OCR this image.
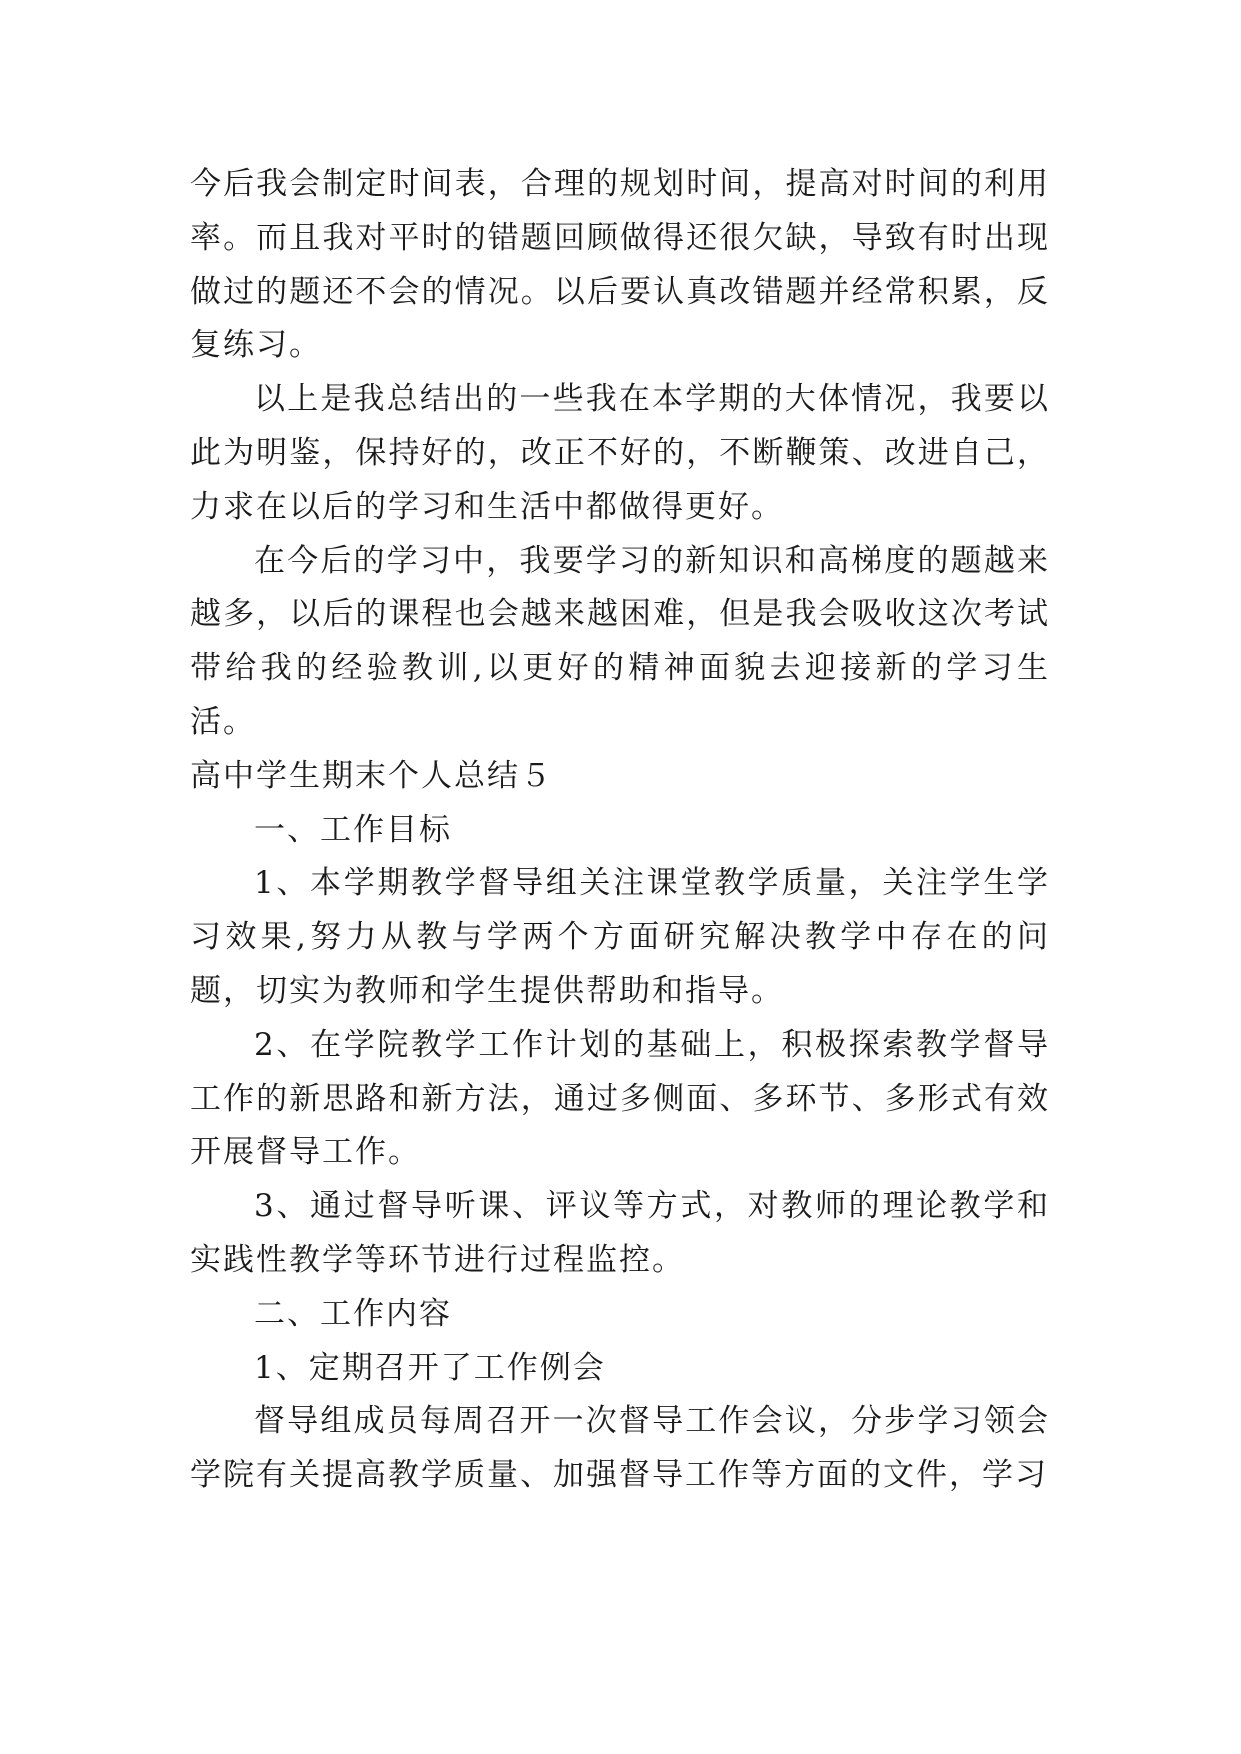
今后我会制定时间表，合理的规划时间，提高对时间的利用率。而且我对平时的错题回顾做得还很欠缺，导致有时出现做过的题还不会的情况。以后要认真改错题并经常积累，反复练习。

以上是我总结出的一些我在本学期的大体情况，我要以此为明鉴，保持好的，改正不好的，不断鞭策、改进自己，力求在以后的学习和生活中都做得更好。

在今后的学习中，我要学习的新知识和高梯度的题越来越多，以后的课程也会越来越困难，但是我会吸收这次考试带给我的经验教训,以更好的精神面貌去迎接新的学习生活。

高中学生期末个人总结５

一、工作目标

1、本学期教学督导组关注课堂教学质量，关注学生学习效果,努力从教与学两个方面研究解决教学中存在的问题，切实为教师和学生提供帮助和指导。

2、在学院教学工作计划的基础上，积极探索教学督导工作的新思路和新方法，通过多侧面、多环节、多形式有效开展督导工作。

3、通过督导听课、评议等方式，对教师的理论教学和实践性教学等环节进行过程监控。

二、工作内容

1、定期召开了工作例会

督导组成员每周召开一次督导工作会议，分步学习领会学院有关提高教学质量、加强督导工作等方面的文件，学习
